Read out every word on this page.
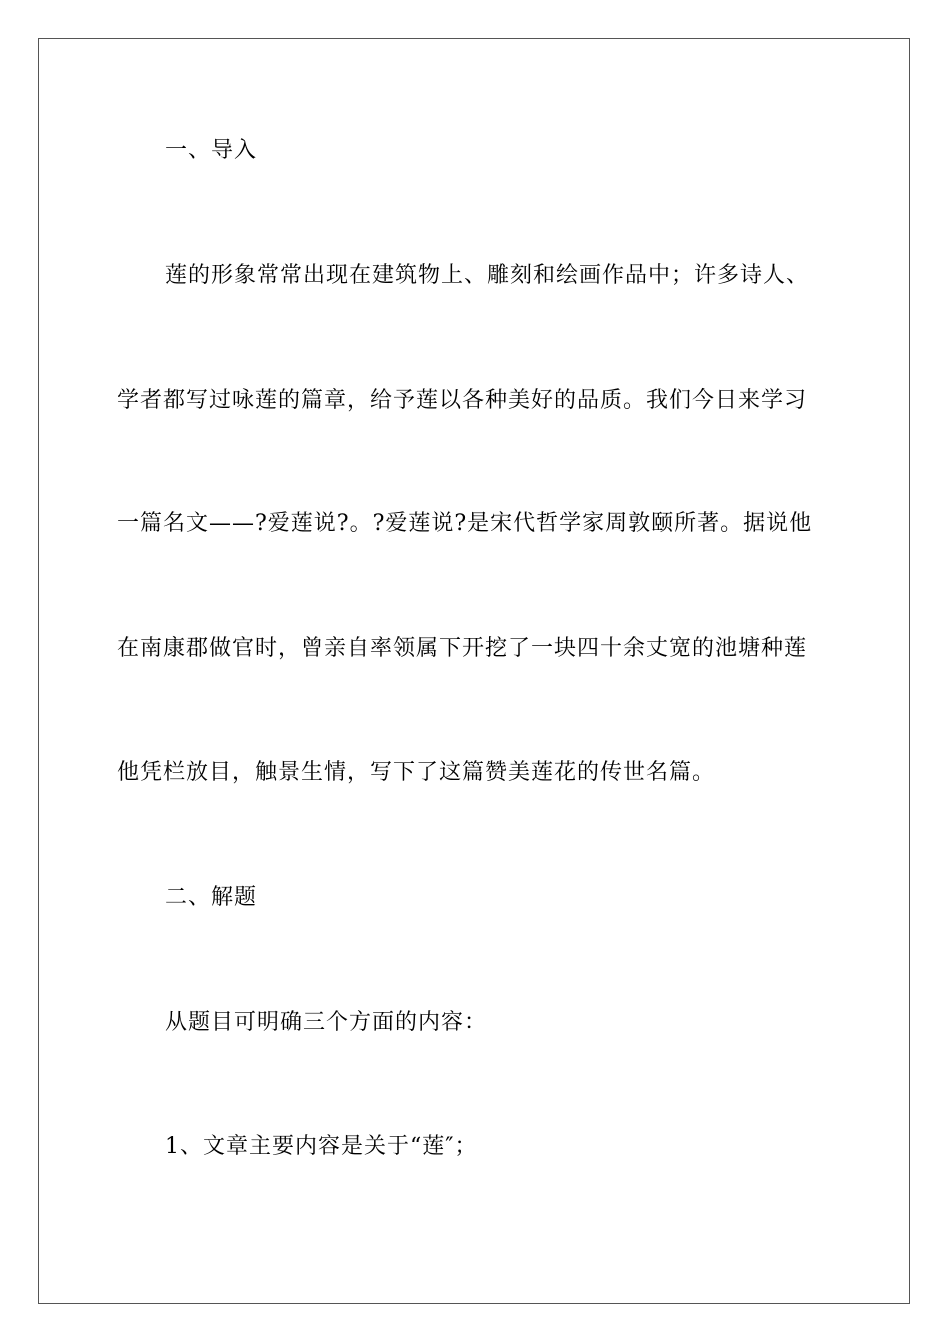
一、导入
莲的形象常常出现在建筑物上、雕刻和绘画作品中；许多诗人、
学者都写过咏莲的篇章，给予莲以各种美好的品质。我们今日来学习
一篇名文——?爱莲说?。?爱莲说?是宋代哲学家周敦颐所著。据说他
在南康郡做官时，曾亲自率领属下开挖了一块四十余丈宽的池塘种莲
他凭栏放目，触景生情，写下了这篇赞美莲花的传世名篇。
二、解题
从题目可明确三个方面的内容：
1、文章主要内容是关于“莲″；
